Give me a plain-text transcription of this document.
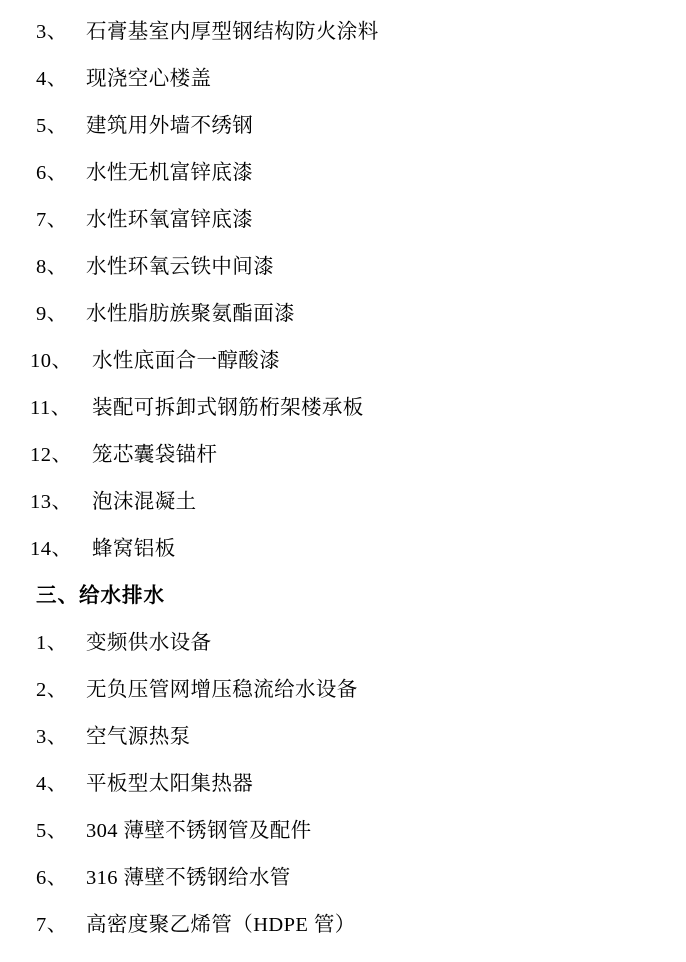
3、 石膏基室内厚型钢结构防火涂料
4、 现浇空心楼盖
5、 建筑用外墙不绣钢
6、 水性无机富锌底漆
7、 水性环氧富锌底漆
8、 水性环氧云铁中间漆
9、 水性脂肪族聚氨酯面漆
10、 水性底面合一醇酸漆
11、 装配可拆卸式钢筋桁架楼承板
12、 笼芯囊袋锚杆
13、 泡沫混凝土
14、 蜂窝铝板
三、给水排水
1、 变频供水设备
2、 无负压管网增压稳流给水设备
3、 空气源热泵
4、 平板型太阳集热器
5、 304 薄壁不锈钢管及配件
6、 316 薄壁不锈钢给水管
7、 高密度聚乙烯管（HDPE 管）
